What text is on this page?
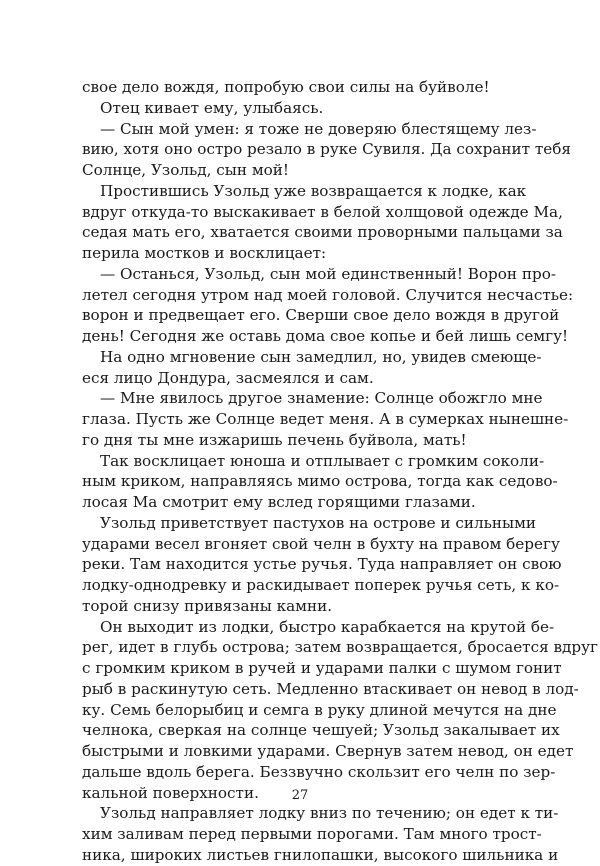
свое дело вождя, попробую свои силы на буйволе!
Отец кивает ему, улыбаясь.
— Сын мой умен: я тоже не доверяю блестящему лез-
вию, хотя оно остро резало в руке Сувиля. Да сохранит тебя
Солнце, Узольд, сын мой!
Простившись Узольд уже возвращается к лодке, как
вдруг откуда-то выскакивает в белой холщовой одежде Ма,
седая мать его, хватается своими проворными пальцами за
перила мостков и восклицает:
— Останься, Узольд, сын мой единственный! Ворон про-
летел сегодня утром над моей головой. Случится несчастье:
ворон и предвещает его. Сверши свое дело вождя в другой
день! Сегодня же оставь дома свое копье и бей лишь семгу!
На одно мгновение сын замедлил, но, увидев смеюще-
еся лицо Дондура, засмеялся и сам.
— Мне явилось другое знамение: Солнце обожгло мне
глаза. Пусть же Солнце ведет меня. А в сумерках нынешне-
го дня ты мне изжаришь печень буйвола, мать!
Так восклицает юноша и отплывает с громким соколи-
ным криком, направляясь мимо острова, тогда как седово-
лосая Ма смотрит ему вслед горящими глазами.
Узольд приветствует пастухов на острове и сильными
ударами весел вгоняет свой челн в бухту на правом берегу
реки. Там находится устье ручья. Туда направляет он свою
лодку-однодревку и раскидывает поперек ручья сеть, к ко-
торой снизу привязаны камни.
Он выходит из лодки, быстро карабкается на крутой бе-
рег, идет в глубь острова; затем возвращается, бросается вдруг
с громким криком в ручей и ударами палки с шумом гонит
рыб в раскинутую сеть. Медленно втаскивает он невод в лод-
ку. Семь белорыбиц и семга в руку длиной мечутся на дне
челнока, сверкая на солнце чешуей; Узольд закалывает их
быстрыми и ловкими ударами. Свернув затем невод, он едет
дальше вдоль берега. Беззвучно скользит его челн по зер-
кальной поверхности.
Узольд направляет лодку вниз по течению; он едет к ти-
хим заливам перед первыми порогами. Там много трост-
ника, широких листьев гнилопашки, высокого шильника и
27
